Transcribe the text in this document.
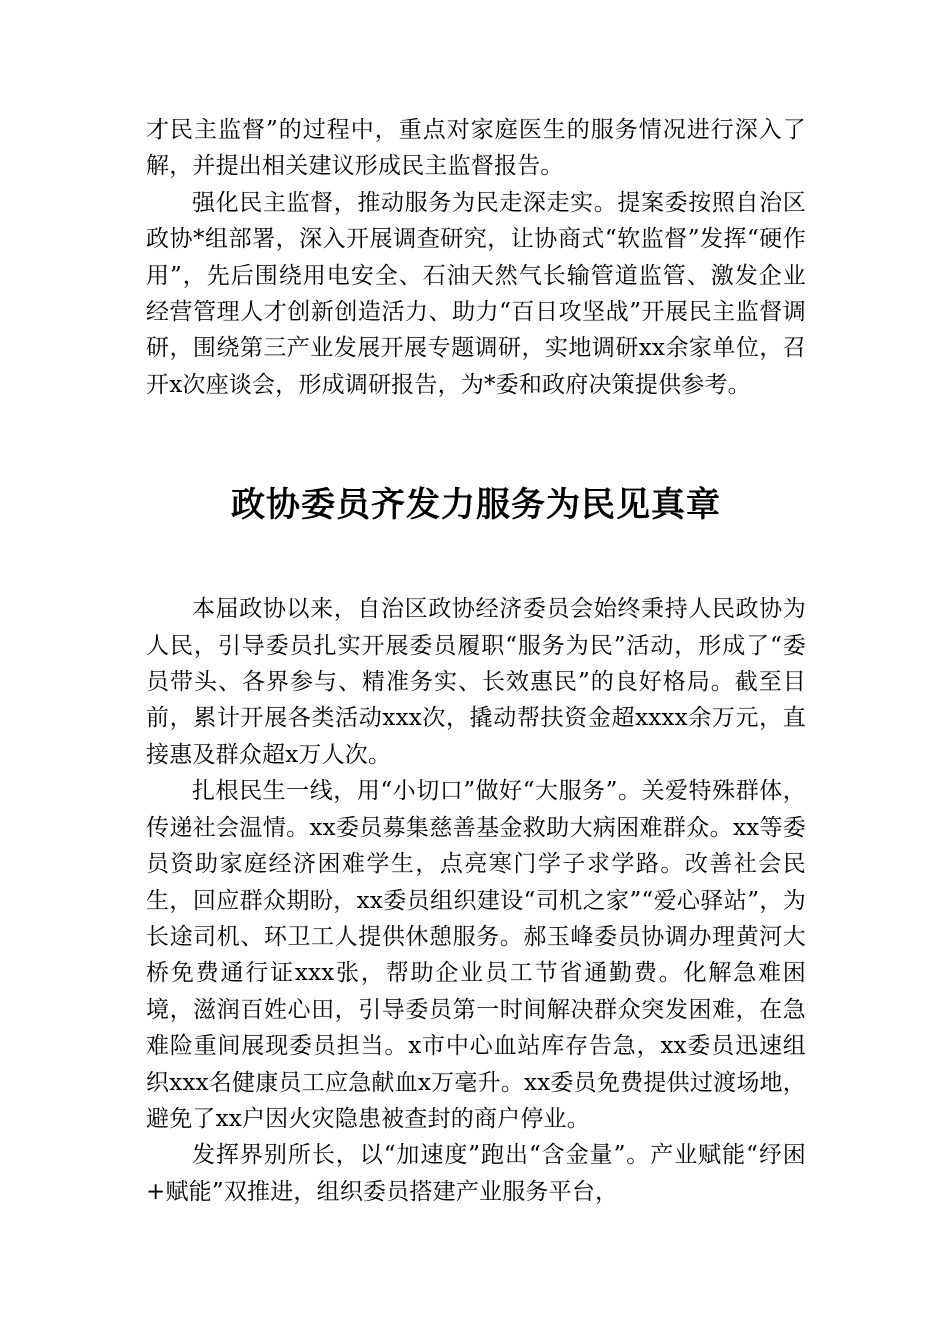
才民主监督”的过程中，重点对家庭医生的服务情况进行深入了解，并提出相关建议形成民主监督报告。

强化民主监督，推动服务为民走深走实。提案委按照自治区政协*组部署，深入开展调查研究，让协商式“软监督”发挥“硬作用”，先后围绕用电安全、石油天然气长输管道监管、激发企业经营管理人才创新创造活力、助力“百日攻坚战”开展民主监督调研，围绕第三产业发展开展专题调研，实地调研xx余家单位，召开x次座谈会，形成调研报告，为*委和政府决策提供参考。

政协委员齐发力服务为民见真章

本届政协以来，自治区政协经济委员会始终秉持人民政协为人民，引导委员扎实开展委员履职“服务为民”活动，形成了“委员带头、各界参与、精准务实、长效惠民”的良好格局。截至目前，累计开展各类活动xxx次，撬动帮扶资金超xxxx余万元，直接惠及群众超x万人次。

扎根民生一线，用“小切口”做好“大服务”。关爱特殊群体，传递社会温情。xx委员募集慈善基金救助大病困难群众。xx等委员资助家庭经济困难学生，点亮寒门学子求学路。改善社会民生，回应群众期盼，xx委员组织建设“司机之家”“爱心驿站”，为长途司机、环卫工人提供休憩服务。郝玉峰委员协调办理黄河大桥免费通行证xxx张，帮助企业员工节省通勤费。化解急难困境，滋润百姓心田，引导委员第一时间解决群众突发困难，在急难险重间展现委员担当。x市中心血站库存告急，xx委员迅速组织xxx名健康员工应急献血x万毫升。xx委员免费提供过渡场地，避免了xx户因火灾隐患被查封的商户停业。

发挥界别所长，以“加速度”跑出“含金量”。产业赋能“纾困+赋能”双推进，组织委员搭建产业服务平台，
